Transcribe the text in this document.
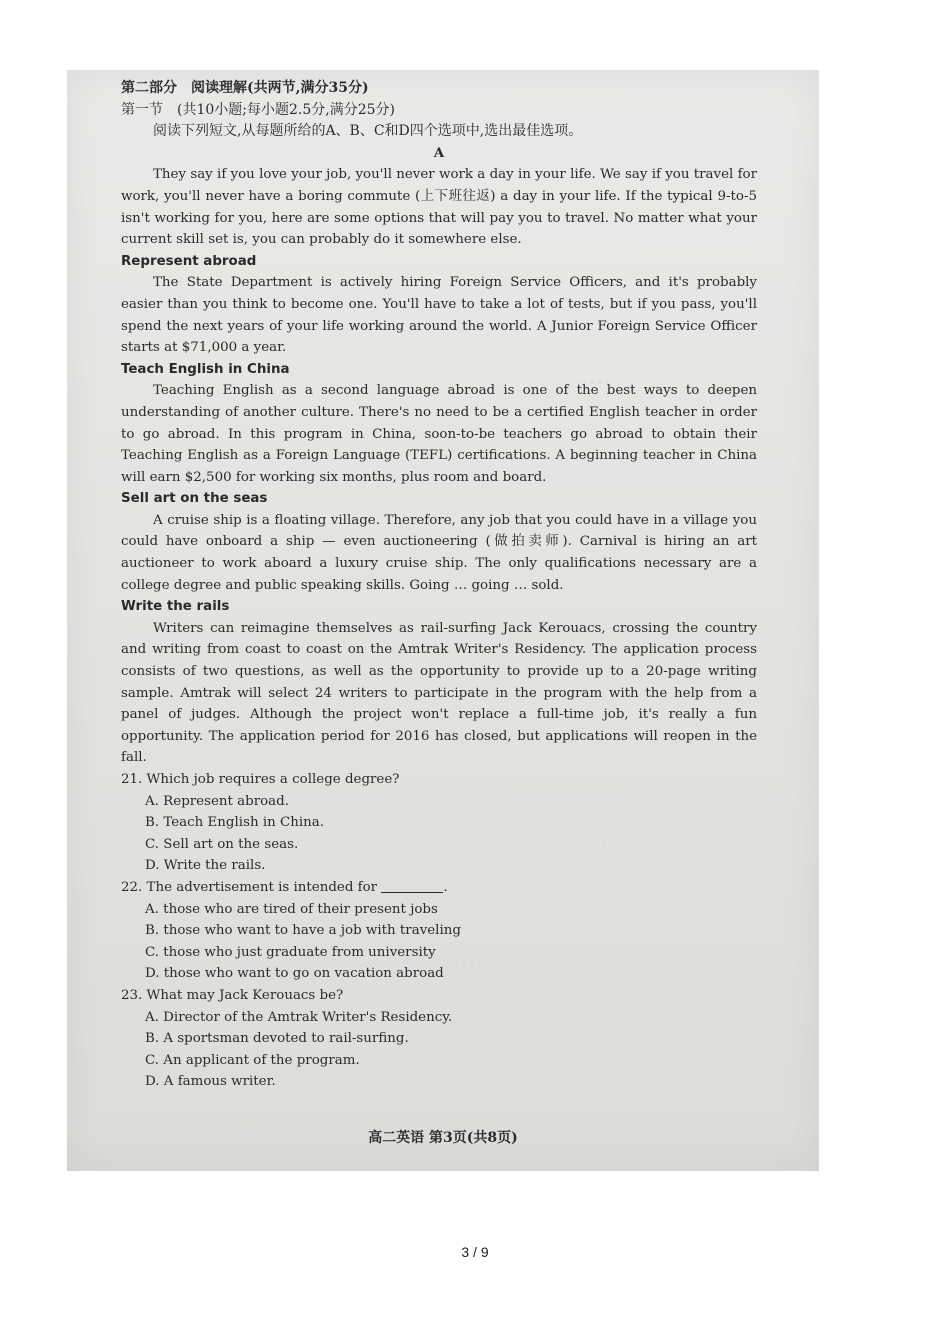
. . . . . . . . . .
. . . . . . .
. . . . . . . .
第二部分　阅读理解(共两节,满分35分)
第一节　(共10小题;每小题2.5分,满分25分)
阅读下列短文,从每题所给的A、B、C和D四个选项中,选出最佳选项。
A

They say if you love your job, you'll never work a day in your life. We say if you travel for work, you'll never have a boring commute (上下班往返) a day in your life. If the typical 9-to-5 isn't working for you, here are some options that will pay you to travel. No matter what your current skill set is, you can probably do it somewhere else.

Represent abroad

The State Department is actively hiring Foreign Service Officers, and it's probably easier than you think to become one. You'll have to take a lot of tests, but if you pass, you'll spend the next years of your life working around the world. A Junior Foreign Service Officer starts at $71,000 a year.

Teach English in China

Teaching English as a second language abroad is one of the best ways to deepen understanding of another culture. There's no need to be a certified English teacher in order to go abroad. In this program in China, soon-to-be teachers go abroad to obtain their Teaching English as a Foreign Language (TEFL) certifications. A beginning teacher in China will earn $2,500 for working six months, plus room and board.

Sell art on the seas

A cruise ship is a floating village. Therefore, any job that you could have in a village you could have onboard a ship — even auctioneering (做拍卖师). Carnival is hiring an art auctioneer to work aboard a luxury cruise ship. The only qualifications necessary are a college degree and public speaking skills. Going … going … sold.

Write the rails

Writers can reimagine themselves as rail-surfing Jack Kerouacs, crossing the country and writing from coast to coast on the Amtrak Writer's Residency. The application process consists of two questions, as well as the opportunity to provide up to a 20-page writing sample. Amtrak will select 24 writers to participate in the program with the help from a panel of judges. Although the project won't replace a full-time job, it's really a fun opportunity. The application period for 2016 has closed, but applications will reopen in the fall.

21. Which job requires a college degree?
A. Represent abroad.
B. Teach English in China.
C. Sell art on the seas.
D. Write the rails.
22. The advertisement is intended for	.
A. those who are tired of their present jobs
B. those who want to have a job with traveling
C. those who just graduate from university
D. those who want to go on vacation abroad
23. What may Jack Kerouacs be?
A. Director of the Amtrak Writer's Residency.
B. A sportsman devoted to rail-surfing.
C. An applicant of the program.
D. A famous writer.
高二英语 第3页(共8页)
3 / 9
